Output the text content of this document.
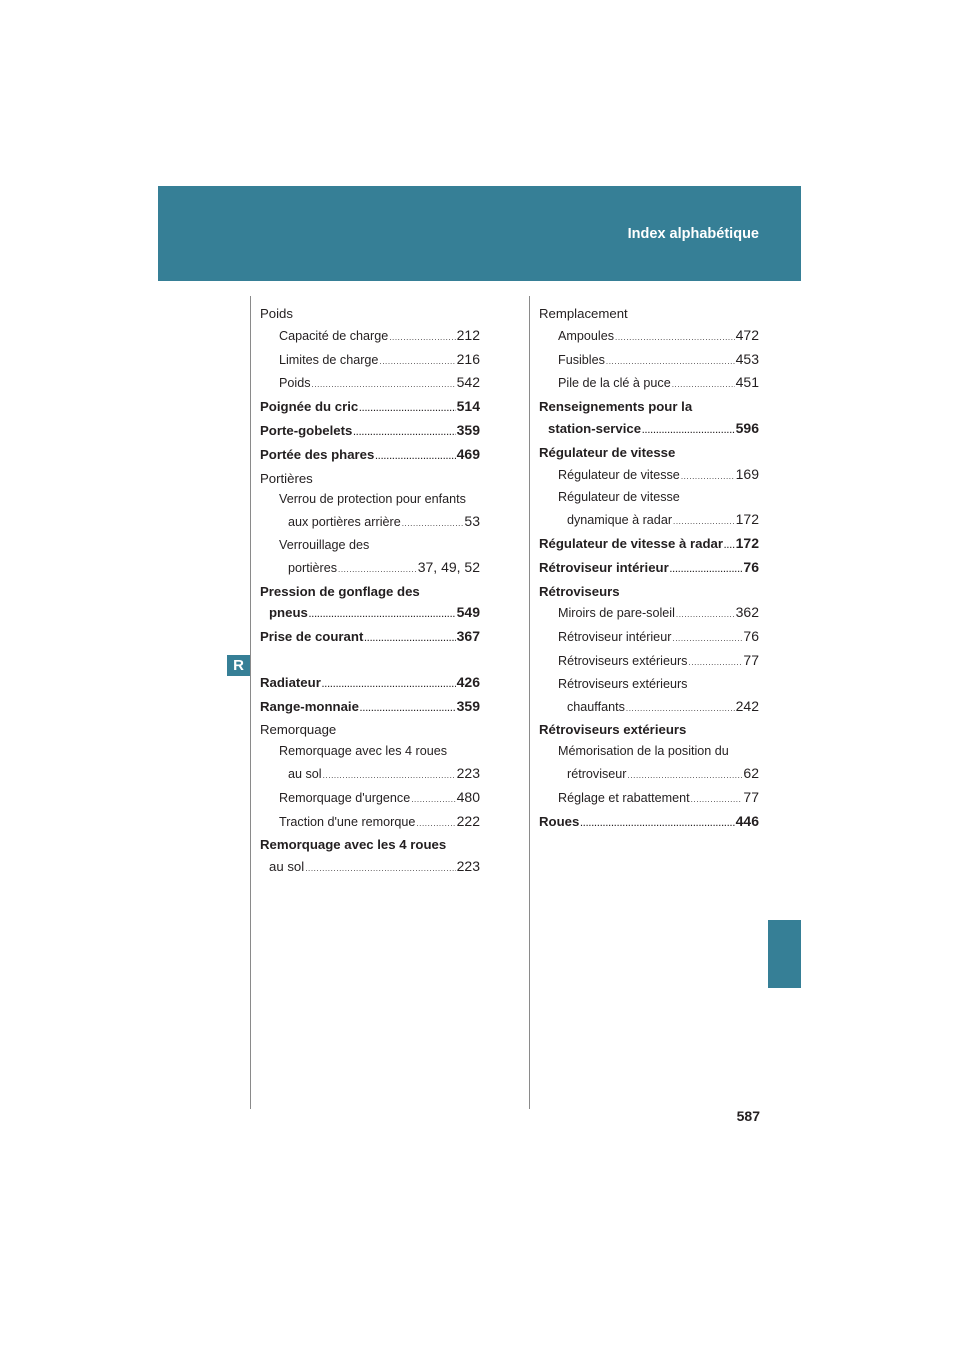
Index alphabétique
R
Poids
Capacité de charge .....	212
Limites de charge .....	216
Poids .....	542
Poignée du cric .....	514
Porte-gobelets .....	359
Portée des phares .....	469
Portières
Verrou de protection pour enfants
aux portières arrière .....	53
Verrouillage des
portières .....	37, 49, 52
Pression de gonflage des
pneus .....	549
Prise de courant .....	367
Radiateur .....	426
Range-monnaie .....	359
Remorquage
Remorquage avec les 4 roues
au sol .....	223
Remorquage d'urgence .....	480
Traction d'une remorque .....	222
Remorquage avec les 4 roues
au sol .....	223
Remplacement
Ampoules .....	472
Fusibles .....	453
Pile de la clé à puce .....	451
Renseignements pour la
station-service .....	596
Régulateur de vitesse
Régulateur de vitesse .....	169
Régulateur de vitesse
dynamique à radar .....	172
Régulateur de vitesse à radar ..... 172
Rétroviseur intérieur .....	76
Rétroviseurs
Miroirs de pare-soleil .....	362
Rétroviseur intérieur .....	76
Rétroviseurs extérieurs .....	77
Rétroviseurs extérieurs
chauffants .....	242
Rétroviseurs extérieurs
Mémorisation de la position du
rétroviseur .....	62
Réglage et rabattement .....	77
Roues .....	446
587
